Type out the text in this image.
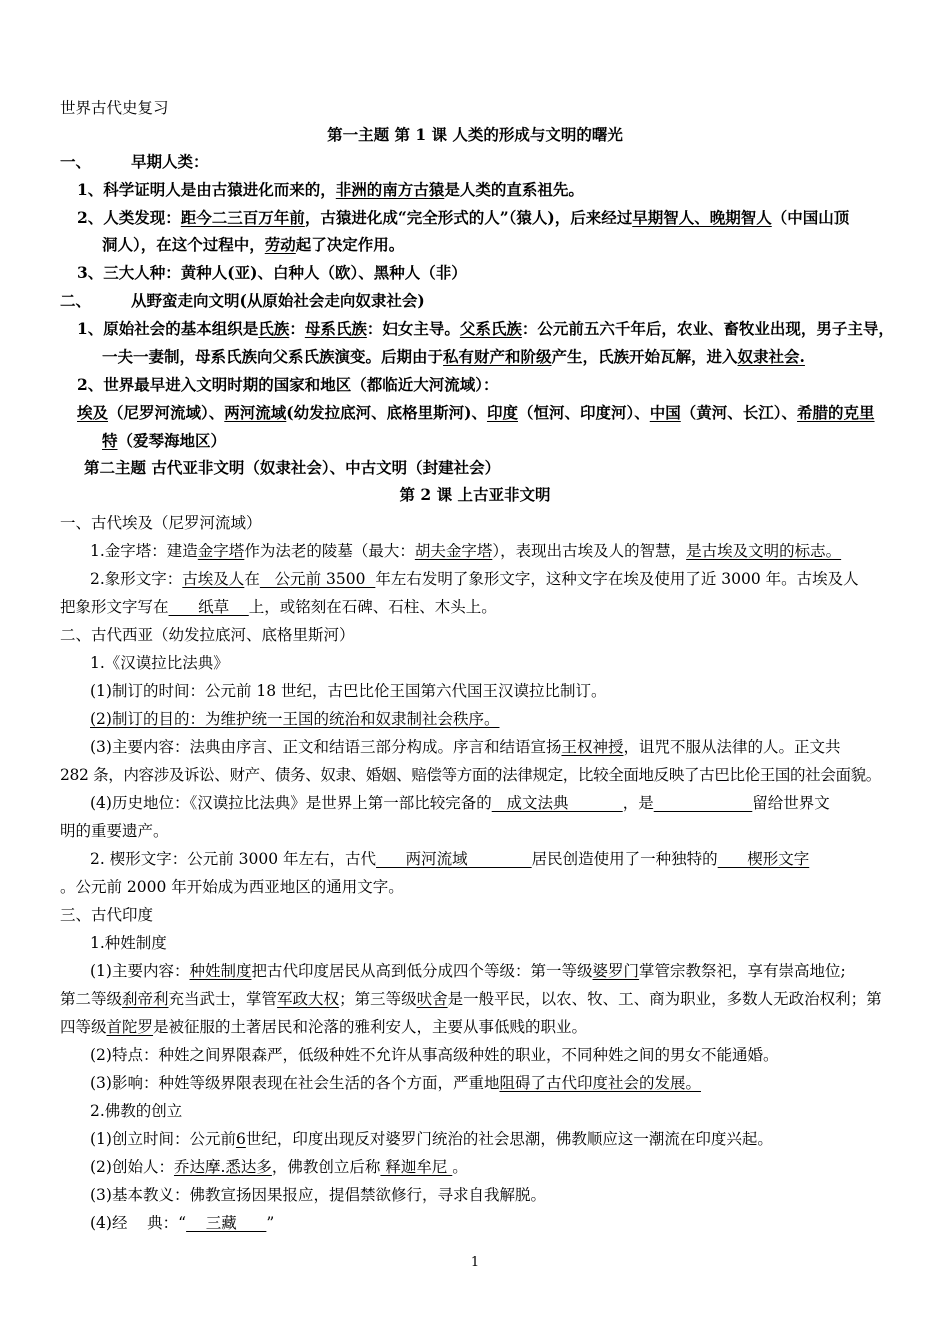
世界古代史复习
第一主题 第 1 课 人类的形成与文明的曙光
一、	早期人类：
1、科学证明人是由古猿进化而来的，非洲的南方古猿是人类的直系祖先。
2、人类发现：距今二三百万年前，古猿进化成“完全形式的人”（猿人)，后来经过早期智人、晚期智人（中国山顶
洞人），在这个过程中，劳动起了决定作用。
3、三大人种：黄种人(亚)、白种人（欧）、黑种人（非）
二、	从野蛮走向文明(从原始社会走向奴隶社会)
1、原始社会的基本组织是氏族：母系氏族：妇女主导。父系氏族：公元前五六千年后，农业、畜牧业出现，男子主导，
一夫一妻制，母系氏族向父系氏族演变。后期由于私有财产和阶级产生，氏族开始瓦解，进入奴隶社会.
2、世界最早进入文明时期的国家和地区（都临近大河流域）：
埃及（尼罗河流域）、两河流域(幼发拉底河、底格里斯河)、印度（恒河、印度河）、中国（黄河、长江）、希腊的克里
特（爱琴海地区）
第二主题 古代亚非文明（奴隶社会）、中古文明（封建社会）
第 2 课 上古亚非文明
一、古代埃及（尼罗河流域）
1.金字塔：建造金字塔作为法老的陵墓（最大：胡夫金字塔），表现出古埃及人的智慧，是古埃及文明的标志。
2.象形文字：古埃及人在   公元前 3500  年左右发明了象形文字，这种文字在埃及使用了近 3000 年。古埃及人
把象形文字写在      纸草    上，或铭刻在石碑、石柱、木头上。
二、古代西亚（幼发拉底河、底格里斯河）
1.《汉谟拉比法典》
(1)制订的时间：公元前 18 世纪，古巴比伦王国第六代国王汉谟拉比制订。
(2)制订的目的：为维护统一王国的统治和奴隶制社会秩序。
(3)主要内容：法典由序言、正文和结语三部分构成。序言和结语宣扬王权神授，诅咒不服从法律的人。正文共
282 条，内容涉及诉讼、财产、债务、奴隶、婚姻、赔偿等方面的法律规定，比较全面地反映了古巴比伦王国的社会面貌。
(4)历史地位：《汉谟拉比法典》是世界上第一部比较完备的   成文法典           ，是	留给世界文
明的重要遗产。
2. 楔形文字：公元前 3000 年左右，古代      两河流域             居民创造使用了一种独特的      楔形文字
。公元前 2000 年开始成为西亚地区的通用文字。
三、古代印度
1.种姓制度
(1)主要内容：种姓制度把古代印度居民从高到低分成四个等级：第一等级婆罗门掌管宗教祭祀，享有崇高地位;
第二等级刹帝利充当武士，掌管军政大权；第三等级吠舍是一般平民，以农、牧、工、商为职业，多数人无政治权利；第
四等级首陀罗是被征服的土著居民和沦落的雅利安人，主要从事低贱的职业。
(2)特点：种姓之间界限森严，低级种姓不允许从事高级种姓的职业，不同种姓之间的男女不能通婚。
(3)影响：种姓等级界限表现在社会生活的各个方面，严重地阻碍了古代印度社会的发展。
2.佛教的创立
(1)创立时间：公元前6世纪，印度出现反对婆罗门统治的社会思潮，佛教顺应这一潮流在印度兴起。
(2)创始人：乔达摩.悉达多，佛教创立后称 释迦牟尼 。
(3)基本教义：佛教宣扬因果报应，提倡禁欲修行，寻求自我解脱。
(4)经    典：“    三藏      ”
1
